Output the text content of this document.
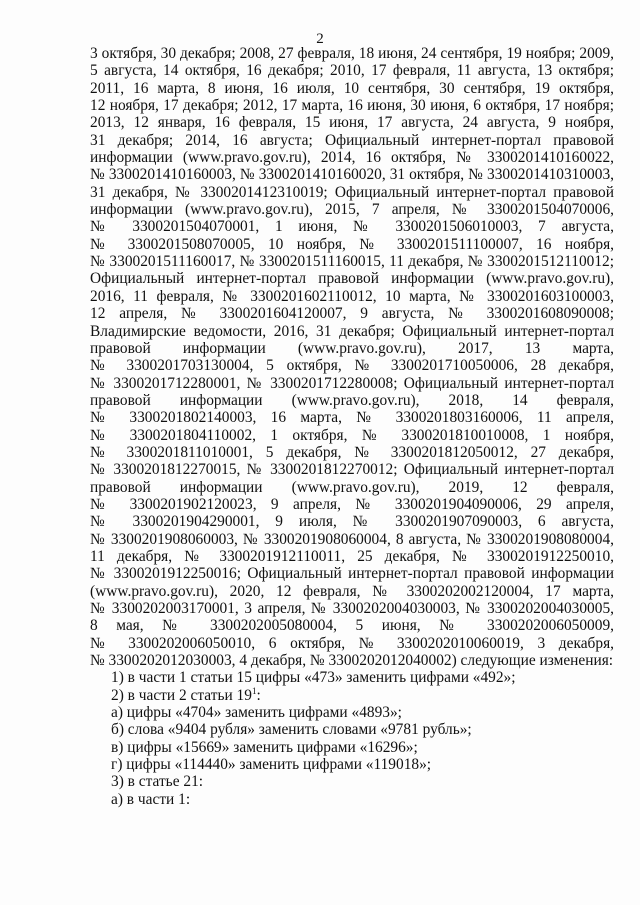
2
3 октября, 30 декабря; 2008, 27 февраля, 18 июня, 24 сентября, 19 ноября; 2009,
5 августа, 14 октября, 16 декабря; 2010, 17 февраля, 11 августа, 13 октября;
2011, 16 марта, 8 июня, 16 июля, 10 сентября, 30 сентября, 19 октября,
12 ноября, 17 декабря; 2012, 17 марта, 16 июня, 30 июня, 6 октября, 17 ноября;
2013, 12 января, 16 февраля, 15 июня, 17 августа, 24 августа, 9 ноября,
31 декабря; 2014, 16 августа; Официальный интернет-портал правовой
информации (www.pravo.gov.ru), 2014, 16 октября, № 3300201410160022,
№ 3300201410160003, № 3300201410160020, 31 октября, № 3300201410310003,
31 декабря, № 3300201412310019; Официальный интернет-портал правовой
информации (www.pravo.gov.ru), 2015, 7 апреля, № 3300201504070006,
№ 3300201504070001, 1 июня, № 3300201506010003, 7 августа,
№ 3300201508070005, 10 ноября, № 3300201511100007, 16 ноября,
№ 3300201511160017, № 3300201511160015, 11 декабря, № 3300201512110012;
Официальный интернет-портал правовой информации (www.pravo.gov.ru),
2016, 11 февраля, № 3300201602110012, 10 марта, № 3300201603100003,
12 апреля, № 3300201604120007, 9 августа, № 3300201608090008;
Владимирские ведомости, 2016, 31 декабря; Официальный интернет-портал
правовой информации (www.pravo.gov.ru), 2017, 13 марта,
№ 3300201703130004, 5 октября, № 3300201710050006, 28 декабря,
№ 3300201712280001, № 3300201712280008; Официальный интернет-портал
правовой информации (www.pravo.gov.ru), 2018, 14 февраля,
№ 3300201802140003, 16 марта, № 3300201803160006, 11 апреля,
№ 3300201804110002, 1 октября, № 3300201810010008, 1 ноября,
№ 3300201811010001, 5 декабря, № 3300201812050012, 27 декабря,
№ 3300201812270015, № 3300201812270012; Официальный интернет-портал
правовой информации (www.pravo.gov.ru), 2019, 12 февраля,
№ 3300201902120023, 9 апреля, № 3300201904090006, 29 апреля,
№ 3300201904290001, 9 июля, № 3300201907090003, 6 августа,
№ 3300201908060003, № 3300201908060004, 8 августа, № 3300201908080004,
11 декабря, № 3300201912110011, 25 декабря, № 3300201912250010,
№ 3300201912250016; Официальный интернет-портал правовой информации
(www.pravo.gov.ru), 2020, 12 февраля, № 3300202002120004, 17 марта,
№ 3300202003170001, 3 апреля, № 3300202004030003, № 3300202004030005,
8 мая, № 3300202005080004, 5 июня, № 3300202006050009,
№ 3300202006050010, 6 октября, № 3300202010060019, 3 декабря,
№ 3300202012030003, 4 декабря, № 3300202012040002) следующие изменения:
1) в части 1 статьи 15 цифры «473» заменить цифрами «492»;
2) в части 2 статьи $19^1$:
а) цифры «4704» заменить цифрами «4893»;
б) слова «9404 рубля» заменить словами «9781 рубль»;
в) цифры «15669» заменить цифрами «16296»;
г) цифры «114440» заменить цифрами «119018»;
3) в статье 21:
а) в части 1:
